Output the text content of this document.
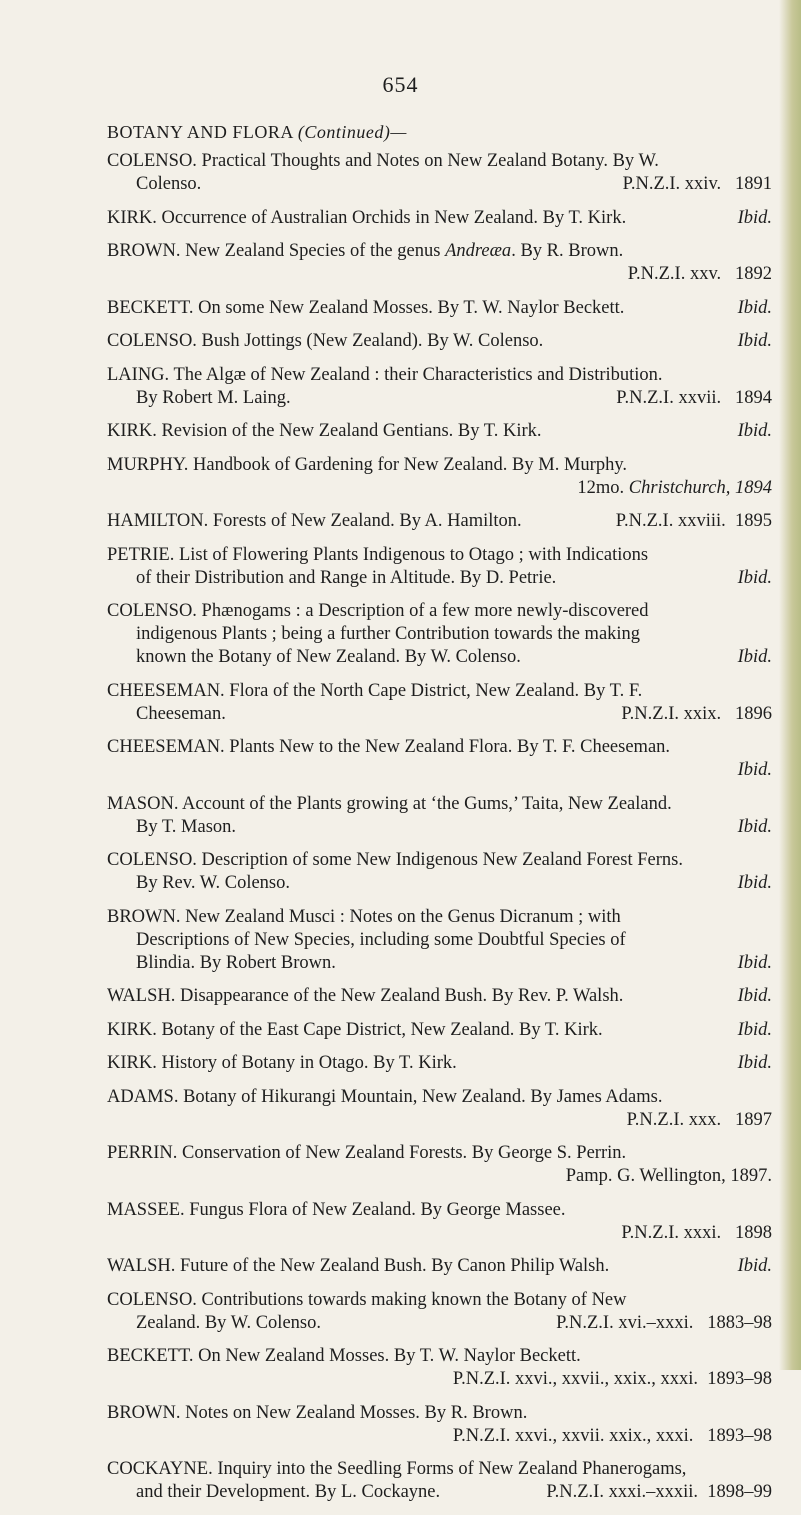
654
BOTANY AND FLORA (Continued)—
COLENSO. Practical Thoughts and Notes on New Zealand Botany. By W.
Colenso.	P.N.Z.I. xxiv.   1891
KIRK. Occurrence of Australian Orchids in New Zealand. By T. Kirk.	Ibid.
BROWN. New Zealand Species of the genus Andreæa. By R. Brown.
P.N.Z.I. xxv.   1892
BECKETT. On some New Zealand Mosses. By T. W. Naylor Beckett.	Ibid.
COLENSO. Bush Jottings (New Zealand). By W. Colenso.	Ibid.
LAING. The Algæ of New Zealand : their Characteristics and Distribution.
By Robert M. Laing.	P.N.Z.I. xxvii.   1894
KIRK. Revision of the New Zealand Gentians. By T. Kirk.	Ibid.
MURPHY. Handbook of Gardening for New Zealand. By M. Murphy.
12mo. Christchurch, 1894
HAMILTON. Forests of New Zealand. By A. Hamilton.	P.N.Z.I. xxviii.  1895
PETRIE. List of Flowering Plants Indigenous to Otago ; with Indications
of their Distribution and Range in Altitude. By D. Petrie.	Ibid.
COLENSO. Phænogams : a Description of a few more newly-discovered
indigenous Plants ; being a further Contribution towards the making
known the Botany of New Zealand. By W. Colenso.	Ibid.
CHEESEMAN. Flora of the North Cape District, New Zealand. By T. F.
Cheeseman.	P.N.Z.I. xxix.   1896
CHEESEMAN. Plants New to the New Zealand Flora. By T. F. Cheeseman.
Ibid.
MASON. Account of the Plants growing at ‘the Gums,’ Taita, New Zealand.
By T. Mason.	Ibid.
COLENSO. Description of some New Indigenous New Zealand Forest Ferns.
By Rev. W. Colenso.	Ibid.
BROWN. New Zealand Musci : Notes on the Genus Dicranum ; with
Descriptions of New Species, including some Doubtful Species of
Blindia. By Robert Brown.	Ibid.
WALSH. Disappearance of the New Zealand Bush. By Rev. P. Walsh.	Ibid.
KIRK. Botany of the East Cape District, New Zealand. By T. Kirk.	Ibid.
KIRK. History of Botany in Otago. By T. Kirk.	Ibid.
ADAMS. Botany of Hikurangi Mountain, New Zealand. By James Adams.
P.N.Z.I. xxx.   1897
PERRIN. Conservation of New Zealand Forests. By George S. Perrin.
Pamp. G. Wellington, 1897.
MASSEE. Fungus Flora of New Zealand. By George Massee.
P.N.Z.I. xxxi.   1898
WALSH. Future of the New Zealand Bush. By Canon Philip Walsh.	Ibid.
COLENSO. Contributions towards making known the Botany of New
Zealand. By W. Colenso.	P.N.Z.I. xvi.–xxxi.   1883–98
BECKETT. On New Zealand Mosses. By T. W. Naylor Beckett.
P.N.Z.I. xxvi., xxvii., xxix., xxxi.  1893–98
BROWN. Notes on New Zealand Mosses. By R. Brown.
P.N.Z.I. xxvi., xxvii. xxix., xxxi.   1893–98
COCKAYNE. Inquiry into the Seedling Forms of New Zealand Phanerogams,
and their Development. By L. Cockayne.	P.N.Z.I. xxxi.–xxxii.  1898–99
